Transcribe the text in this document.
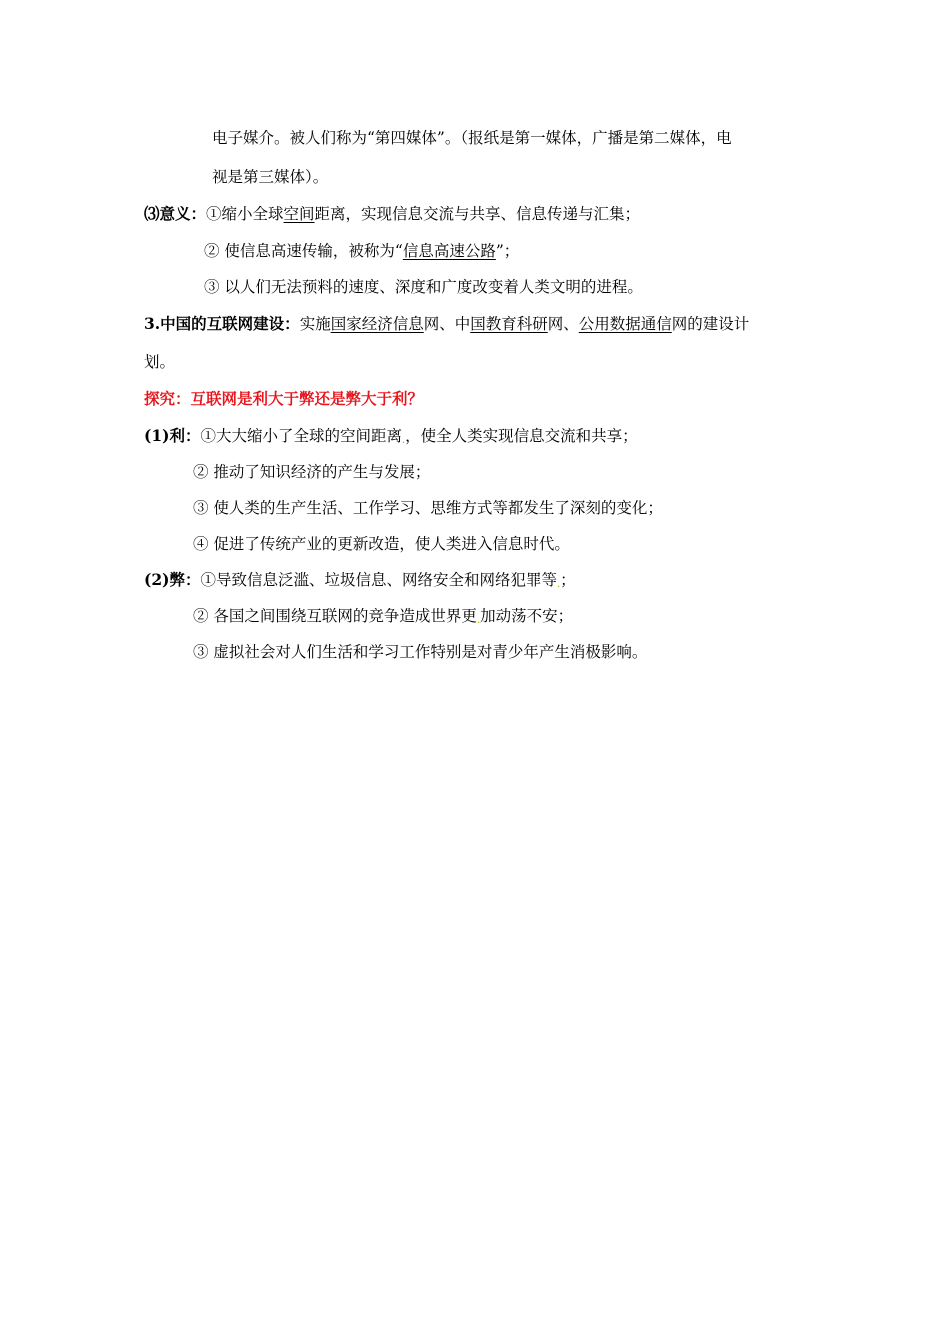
电子媒介。被人们称为“第四媒体”。（报纸是第一媒体，广播是第二媒体，电
视是第三媒体）。
⑶意义：①缩小全球空间距离，实现信息交流与共享、信息传递与汇集；
② 使信息高速传输，被称为“信息高速公路”；
③ 以人们无法预料的速度、深度和广度改变着人类文明的进程。
3.中国的互联网建设：实施国家经济信息网、中国教育科研网、公用数据通信网的建设计
划。
探究：互联网是利大于弊还是弊大于利？
(1)利：①大大缩小了全球的空间距离.，使全人类实现信息交流和共享；
② 推动了知识经济的产生与发展；
③ 使人类的生产生活、工作学习、思维方式等都发生了深刻的变化；
④ 促进了传统产业的更新改造，使人类进入信息时代。
(2)弊：①导致信息泛滥、垃圾信息、网络安全和网络犯罪等.；
② 各国之间围绕互联网的竞争造成世界更.加动荡不安；
③ 虚拟社会对人们生活和学习工作特别是对青少年产生消极影响。
